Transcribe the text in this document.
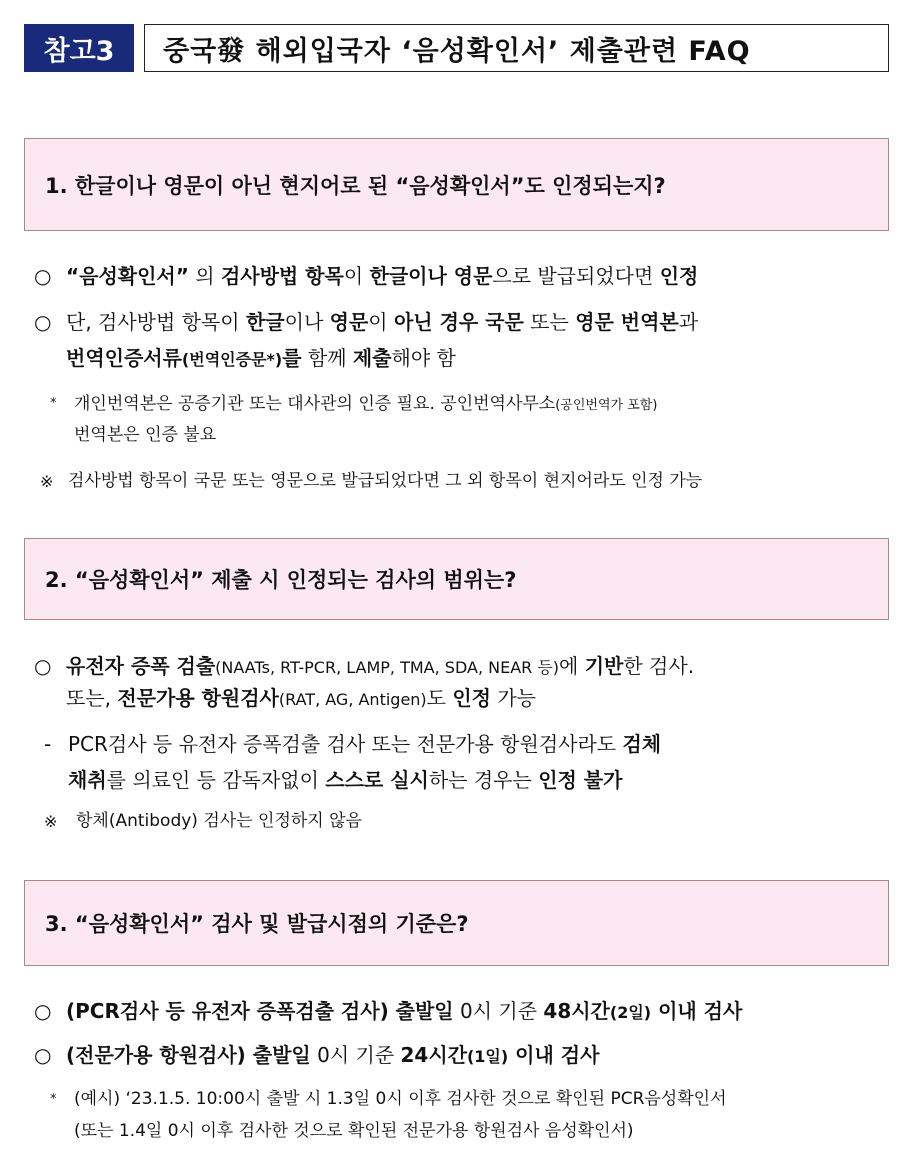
참고3	중국發 해외입국자 ‘음성확인서’ 제출관련 FAQ
1. 한글이나 영문이 아닌 현지어로 된 “음성확인서”도 인정되는지?
○ “음성확인서” 의 검사방법 항목이 한글이나 영문으로 발급되었다면 인정
○ 단, 검사방법 항목이 한글이나 영문이 아닌 경우 국문 또는 영문 번역본과
번역인증서류(번역인증문*)를 함께 제출해야 함
*	개인번역본은 공증기관 또는 대사관의 인증 필요. 공인번역사무소(공인번역가 포함)
번역본은 인증 불요
※ 검사방법 항목이 국문 또는 영문으로 발급되었다면 그 외 항목이 현지어라도 인정 가능
2. “음성확인서” 제출 시 인정되는 검사의 범위는?
○ 유전자 증폭 검출(NAATs, RT-PCR, LAMP, TMA, SDA, NEAR 등)에 기반한 검사.
또는, 전문가용 항원검사(RAT, AG, Antigen)도 인정 가능
- PCR검사 등 유전자 증폭검출 검사 또는 전문가용 항원검사라도 검체
채취를 의료인 등 감독자없이 스스로 실시하는 경우는 인정 불가
※	항체(Antibody) 검사는 인정하지 않음
3. “음성확인서” 검사 및 발급시점의 기준은?
○ (PCR검사 등 유전자 증폭검출 검사) 출발일 0시 기준 48시간(2일) 이내 검사
○ (전문가용 항원검사) 출발일 0시 기준 24시간(1일) 이내 검사
*	(예시) ‘23.1.5. 10:00시 출발 시 1.3일 0시 이후 검사한 것으로 확인된 PCR음성확인서
(또는 1.4일 0시 이후 검사한 것으로 확인된 전문가용 항원검사 음성확인서)
